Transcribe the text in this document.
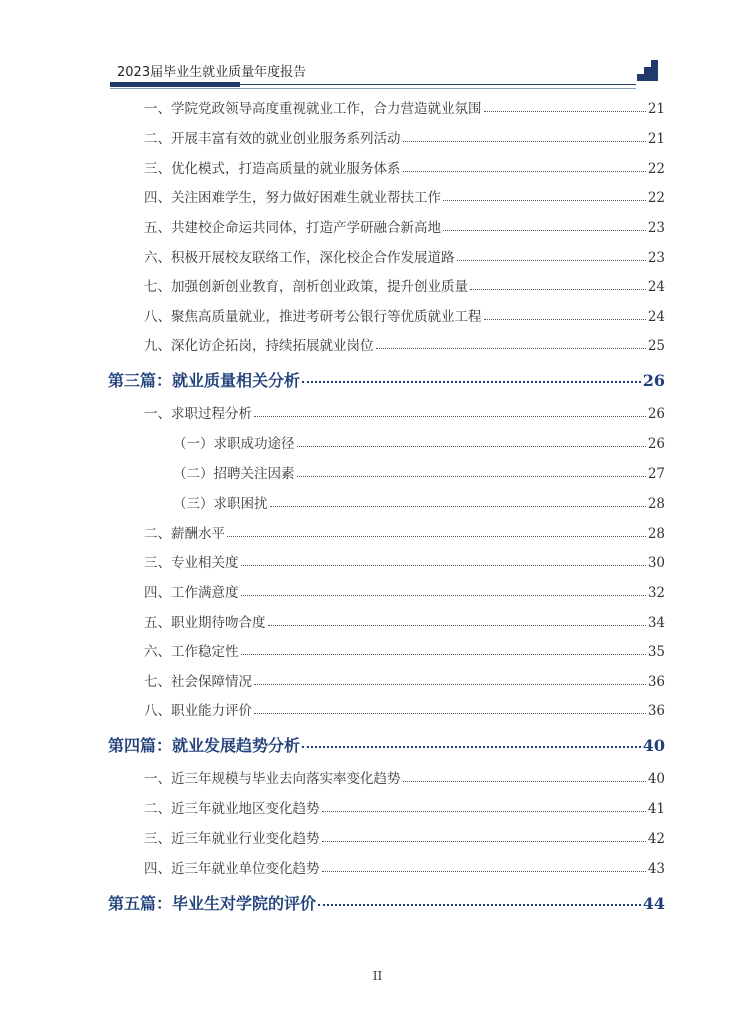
2023届毕业生就业质量年度报告
一、学院党政领导高度重视就业工作，合力营造就业氛围	21
二、开展丰富有效的就业创业服务系列活动	21
三、优化模式，打造高质量的就业服务体系	22
四、关注困难学生，努力做好困难生就业帮扶工作	22
五、共建校企命运共同体，打造产学研融合新高地	23
六、积极开展校友联络工作，深化校企合作发展道路	23
七、加强创新创业教育，剖析创业政策，提升创业质量	24
八、聚焦高质量就业，推进考研考公银行等优质就业工程	24
九、深化访企拓岗，持续拓展就业岗位	25
第三篇：就业质量相关分析	26
一、求职过程分析	26
（一）求职成功途径	26
（二）招聘关注因素	27
（三）求职困扰	28
二、薪酬水平	28
三、专业相关度	30
四、工作满意度	32
五、职业期待吻合度	34
六、工作稳定性	35
七、社会保障情况	36
八、职业能力评价	36
第四篇：就业发展趋势分析	40
一、近三年规模与毕业去向落实率变化趋势	40
二、近三年就业地区变化趋势	41
三、近三年就业行业变化趋势	42
四、近三年就业单位变化趋势	43
第五篇：毕业生对学院的评价	44
II
